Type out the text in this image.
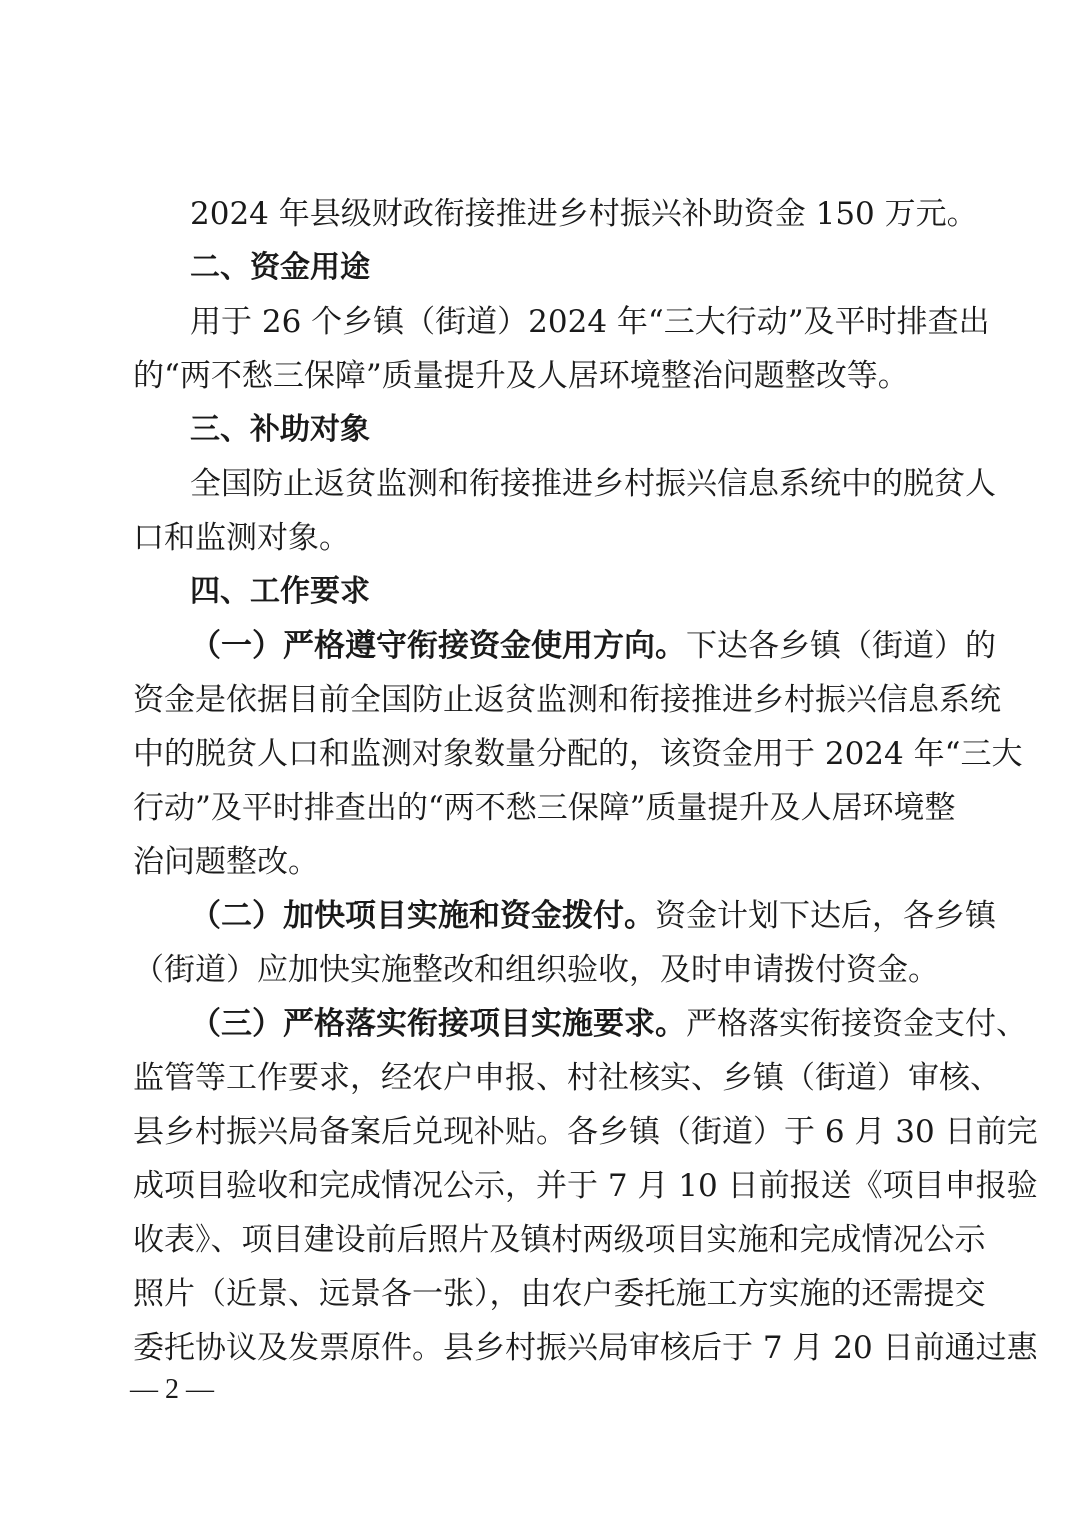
2024 年县级财政衔接推进乡村振兴补助资金 150 万元。
二、资金用途
用于 26 个乡镇（街道）2024 年“三大行动”及平时排查出
的“两不愁三保障”质量提升及人居环境整治问题整改等。
三、补助对象
全国防止返贫监测和衔接推进乡村振兴信息系统中的脱贫人
口和监测对象。
四、工作要求
（一）严格遵守衔接资金使用方向。下达各乡镇（街道）的
资金是依据目前全国防止返贫监测和衔接推进乡村振兴信息系统
中的脱贫人口和监测对象数量分配的，该资金用于 2024 年“三大
行动”及平时排查出的“两不愁三保障”质量提升及人居环境整
治问题整改。
（二）加快项目实施和资金拨付。资金计划下达后，各乡镇
（街道）应加快实施整改和组织验收，及时申请拨付资金。
（三）严格落实衔接项目实施要求。严格落实衔接资金支付、
监管等工作要求，经农户申报、村社核实、乡镇（街道）审核、
县乡村振兴局备案后兑现补贴。各乡镇（街道）于 6 月 30 日前完
成项目验收和完成情况公示，并于 7 月 10 日前报送《项目申报验
收表》、项目建设前后照片及镇村两级项目实施和完成情况公示
照片（近景、远景各一张），由农户委托施工方实施的还需提交
委托协议及发票原件。县乡村振兴局审核后于 7 月 20 日前通过惠
— 2 —
